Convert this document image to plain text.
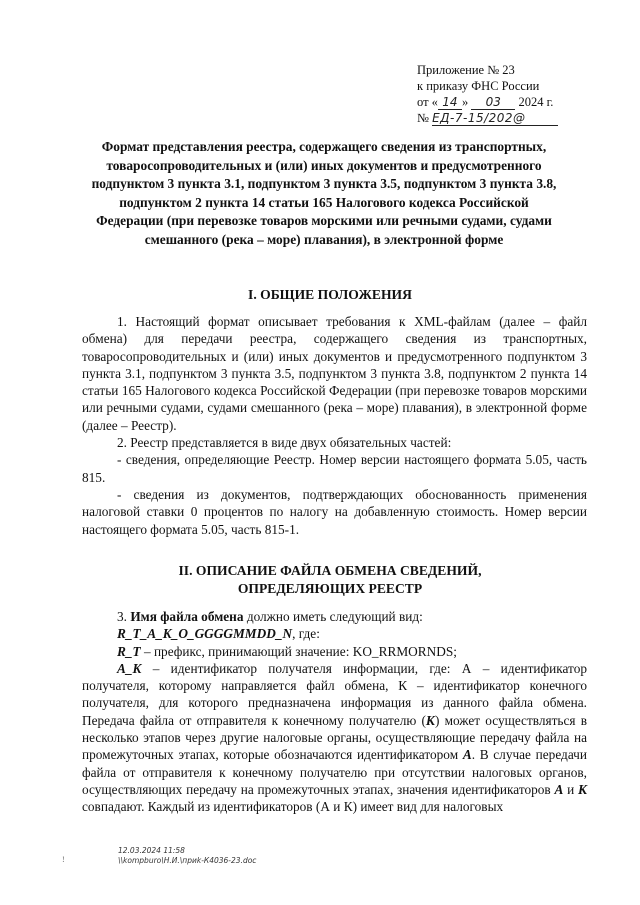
Приложение № 23
к приказу ФНС России
от « 14 » 03 2024 г.
№ ЕД-7-15/202@
Формат представления реестра, содержащего сведения из транспортных, товаросопроводительных и (или) иных документов и предусмотренного подпунктом 3 пункта 3.1, подпунктом 3 пункта 3.5, подпунктом 3 пункта 3.8, подпунктом 2 пункта 14 статьи 165 Налогового кодекса Российской Федерации (при перевозке товаров морскими или речными судами, судами смешанного (река – море) плавания), в электронной форме
I. ОБЩИЕ ПОЛОЖЕНИЯ

1. Настоящий формат описывает требования к XML-файлам (далее – файл обмена) для передачи реестра, содержащего сведения из транспортных, товаросопроводительных и (или) иных документов и предусмотренного подпунктом 3 пункта 3.1, подпунктом 3 пункта 3.5, подпунктом 3 пункта 3.8, подпунктом 2 пункта 14 статьи 165 Налогового кодекса Российской Федерации (при перевозке товаров морскими или речными судами, судами смешанного (река – море) плавания), в электронной форме (далее – Реестр).

2. Реестр представляется в виде двух обязательных частей:

- сведения, определяющие Реестр. Номер версии настоящего формата 5.05, часть 815.

- сведения из документов, подтверждающих обоснованность применения налоговой ставки 0 процентов по налогу на добавленную стоимость. Номер версии настоящего формата 5.05, часть 815-1.

II. ОПИСАНИЕ ФАЙЛА ОБМЕНА СВЕДЕНИЙ,
ОПРЕДЕЛЯЮЩИХ РЕЕСТР

3. Имя файла обмена должно иметь следующий вид:

R_T_A_K_O_GGGGMMDD_N, где:

R_T – префикс, принимающий значение: KO_RRMORNDS;

A_K – идентификатор получателя информации, где: А – идентификатор получателя, которому направляется файл обмена, К – идентификатор конечного получателя, для которого предназначена информация из данного файла обмена. Передача файла от отправителя к конечному получателю (К) может осуществляться в несколько этапов через другие налоговые органы, осуществляющие передачу файла на промежуточных этапах, которые обозначаются идентификатором А. В случае передачи файла от отправителя к конечному получателю при отсутствии налоговых органов, осуществляющих передачу на промежуточных этапах, значения идентификаторов А и К совпадают. Каждый из идентификаторов (А и К) имеет вид для налоговых

!
12.03.2024 11:58
\\kompburo\Н.И.\приk-К4036-23.doc
